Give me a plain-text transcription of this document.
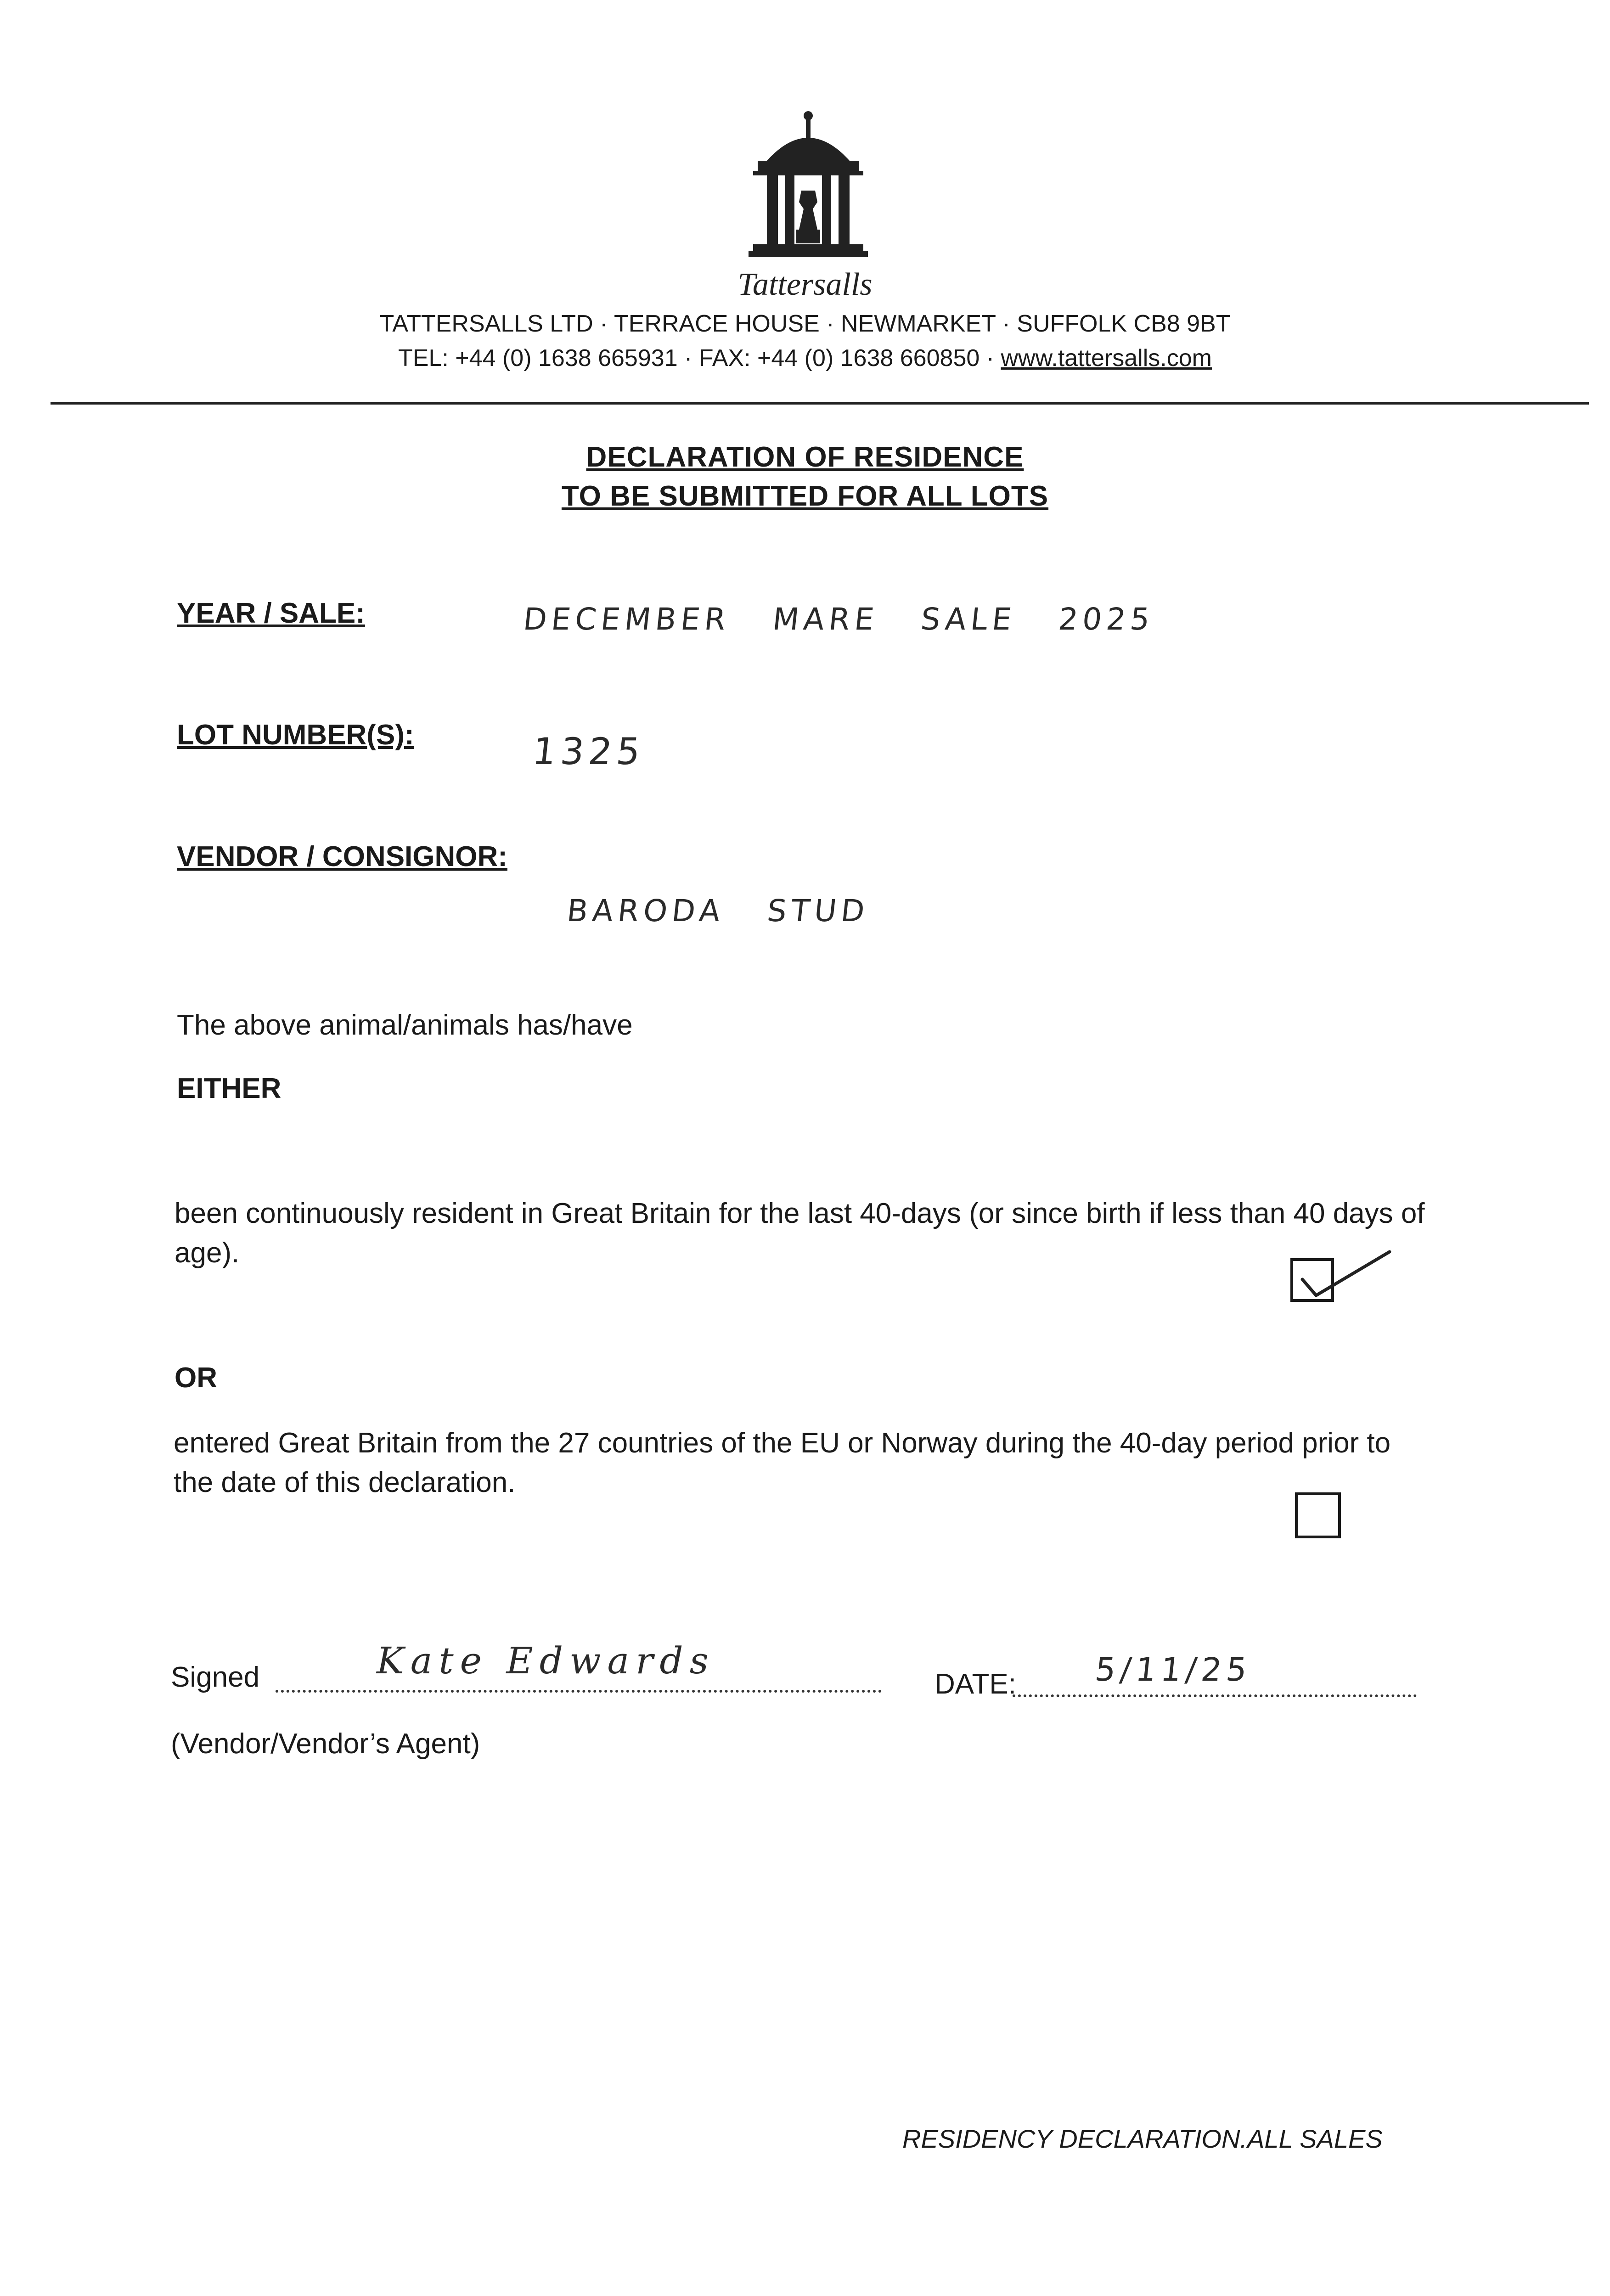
Tattersalls
TATTERSALLS LTD · TERRACE HOUSE · NEWMARKET · SUFFOLK CB8 9BT
TEL: +44 (0) 1638 665931 · FAX: +44 (0) 1638 660850 · www.tattersalls.com
DECLARATION OF RESIDENCE
TO BE SUBMITTED FOR ALL LOTS
YEAR / SALE:	DECEMBER   MARE   SALE   2025
LOT NUMBER(S):	1325
VENDOR / CONSIGNOR:
BARODA   STUD
The above animal/animals has/have
EITHER
been continuously resident in Great Britain for the last 40-days (or since birth if less than 40 days of age).
OR
entered Great Britain from the 27 countries of the EU or Norway during the 40-day period prior to the date of this declaration.
Signed	Kate Edwards
DATE: 5/11/25
(Vendor/Vendor’s Agent)
RESIDENCY DECLARATION.ALL SALES
